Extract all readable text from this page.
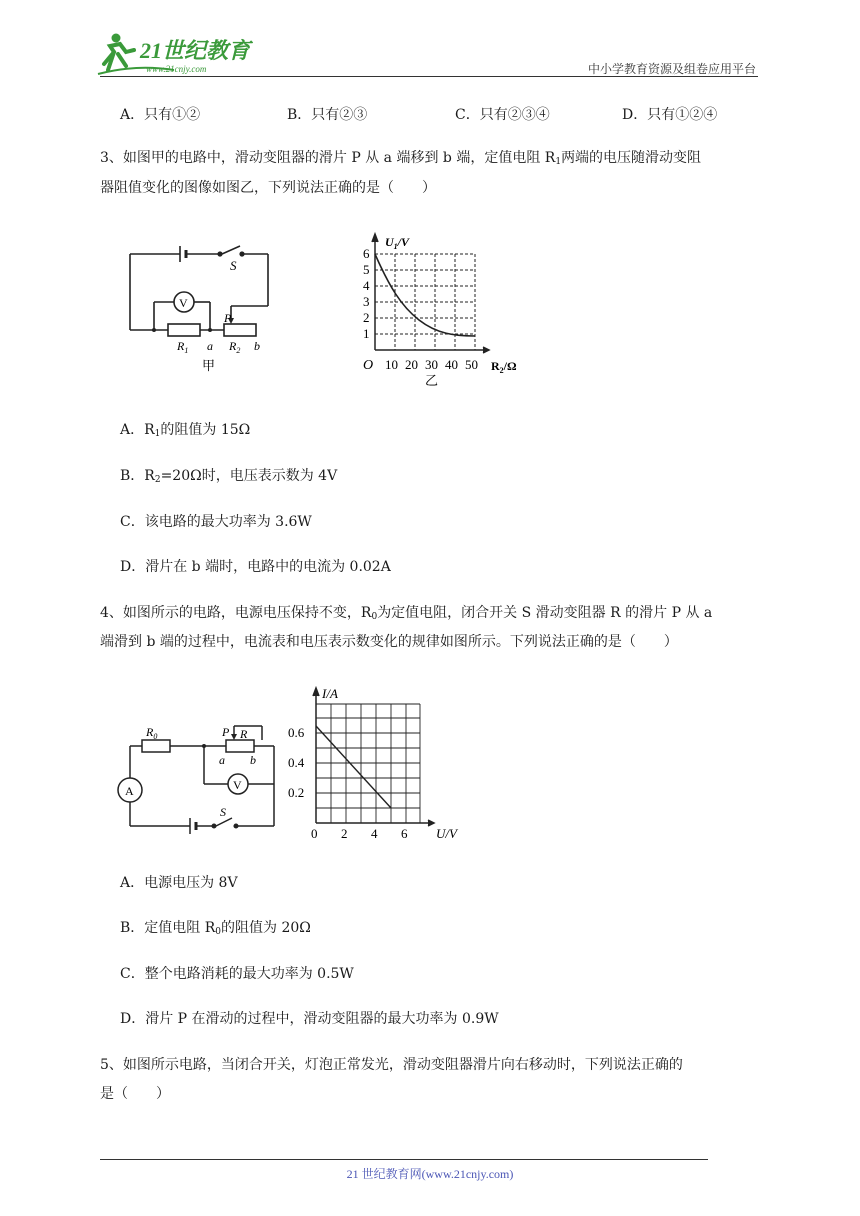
21世纪教育
www.21cnjy.com	中小学教育资源及组卷应用平台
A．只有①②	B．只有②③	C．只有②③④	D．只有①②④
3、如图甲的电路中，滑动变阻器的滑片 P 从 a 端移到 b 端，定值电阻 $R_1$两端的电压随滑动变阻
器阻值变化的图像如图乙，下列说法正确的是（　　）
S
V
$R_1$ a $R_2$ b
P
甲
$U_1/V$
$R_2/\Omega$
O
1
2
3
4
5
6
10 20 30 40 50
乙
A．$R_1$的阻值为 15Ω
B．$R_2=20\Omega$时，电压表示数为 4V
C．该电路的最大功率为 3.6W
D．滑片在 b 端时，电路中的电流为 0.02A
4、如图所示的电路，电源电压保持不变，$R_0$为定值电阻，闭合开关 S 滑动变阻器 R 的滑片 P 从 a
端滑到 b 端的过程中，电流表和电压表示数变化的规律如图所示。下列说法正确的是（　　）
$R_0$	P R
a b
A	V
S
I/A
U/V
0.2
0.4
0.6
0 2 4 6
A．电源电压为 8V
B．定值电阻 $R_0$的阻值为 20Ω
C．整个电路消耗的最大功率为 0.5W
D．滑片 P 在滑动的过程中，滑动变阻器的最大功率为 0.9W
5、如图所示电路，当闭合开关，灯泡正常发光，滑动变阻器滑片向右移动时，下列说法正确的
是（　　）
21 世纪教育网(www.21cnjy.com)
